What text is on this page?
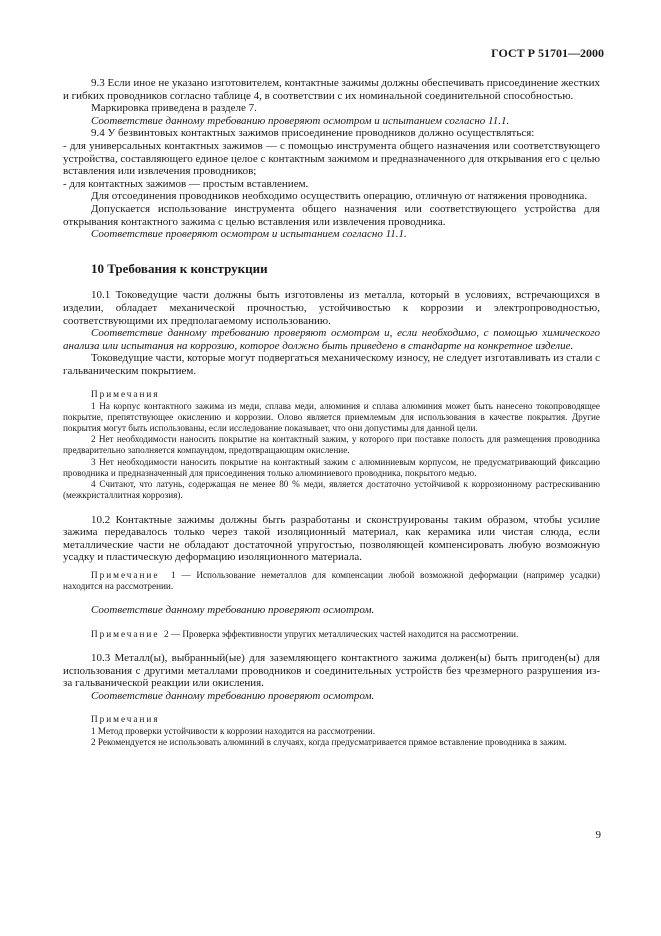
ГОСТ Р 51701—2000

9.3 Если иное не указано изготовителем, контактные зажимы должны обеспечивать присоединение жестких и гибких проводников согласно таблице 4, в соответствии с их номинальной соединительной способностью.

Маркировка приведена в разделе 7.

Соответствие данному требованию проверяют осмотром и испытанием согласно 11.1.

9.4 У безвинтовых контактных зажимов присоединение проводников должно осуществляться:

- для универсальных контактных зажимов — с помощью инструмента общего назначения или соответствующего устройства, составляющего единое целое с контактным зажимом и предназначенного для открывания его с целью вставления или извлечения проводников;

- для контактных зажимов — простым вставлением.

Для отсоединения проводников необходимо осуществить операцию, отличную от натяжения проводника.

Допускается использование инструмента общего назначения или соответствующего устройства для открывания контактного зажима с целью вставления или извлечения проводника.

Соответствие проверяют осмотром и испытанием согласно 11.1.

10 Требования к конструкции

10.1 Токоведущие части должны быть изготовлены из металла, который в условиях, встречающихся в изделии, обладает механической прочностью, устойчивостью к коррозии и электропроводностью, соответствующими их предполагаемому использованию.

Соответствие данному требованию проверяют осмотром и, если необходимо, с помощью химического анализа или испытания на коррозию, которое должно быть приведено в стандарте на конкретное изделие.

Токоведущие части, которые могут подвергаться механическому износу, не следует изготавливать из стали с гальваническим покрытием.

Примечания

1 На корпус контактного зажима из меди, сплава меди, алюминия и сплава алюминия может быть нанесено токопроводящее покрытие, препятствующее окислению и коррозии. Олово является приемлемым для использования в качестве покрытия. Другие покрытия могут быть использованы, если исследование показывает, что они допустимы для данной цели.

2 Нет необходимости наносить покрытие на контактный зажим, у которого при поставке полость для размещения проводника предварительно заполняется компаундом, предотвращающим окисление.

3 Нет необходимости наносить покрытие на контактный зажим с алюминиевым корпусом, не предусматривающий фиксацию проводника и предназначенный для присоединения только алюминиевого проводника, покрытого медью.

4 Считают, что латунь, содержащая не менее 80 % меди, является достаточно устойчивой к коррозионному растрескиванию (межкристаллитная коррозия).

10.2 Контактные зажимы должны быть разработаны и сконструированы таким образом, чтобы усилие зажима передавалось только через такой изоляционный материал, как керамика или чистая слюда, если металлические части не обладают достаточной упругостью, позволяющей компенсировать любую возможную усадку и пластическую деформацию изоляционного материала.

Примечание 1 — Использование неметаллов для компенсации любой возможной деформации (например усадки) находится на рассмотрении.

Соответствие данному требованию проверяют осмотром.

Примечание 2 — Проверка эффективности упругих металлических частей находится на рассмотрении.

10.3 Металл(ы), выбранный(ые) для заземляющего контактного зажима должен(ы) быть пригоден(ы) для использования с другими металлами проводников и соединительных устройств без чрезмерного разрушения из-за гальванической реакции или окисления.

Соответствие данному требованию проверяют осмотром.

Примечания

1 Метод проверки устойчивости к коррозии находится на рассмотрении.

2 Рекомендуется не использовать алюминий в случаях, когда предусматривается прямое вставление проводника в зажим.

9
